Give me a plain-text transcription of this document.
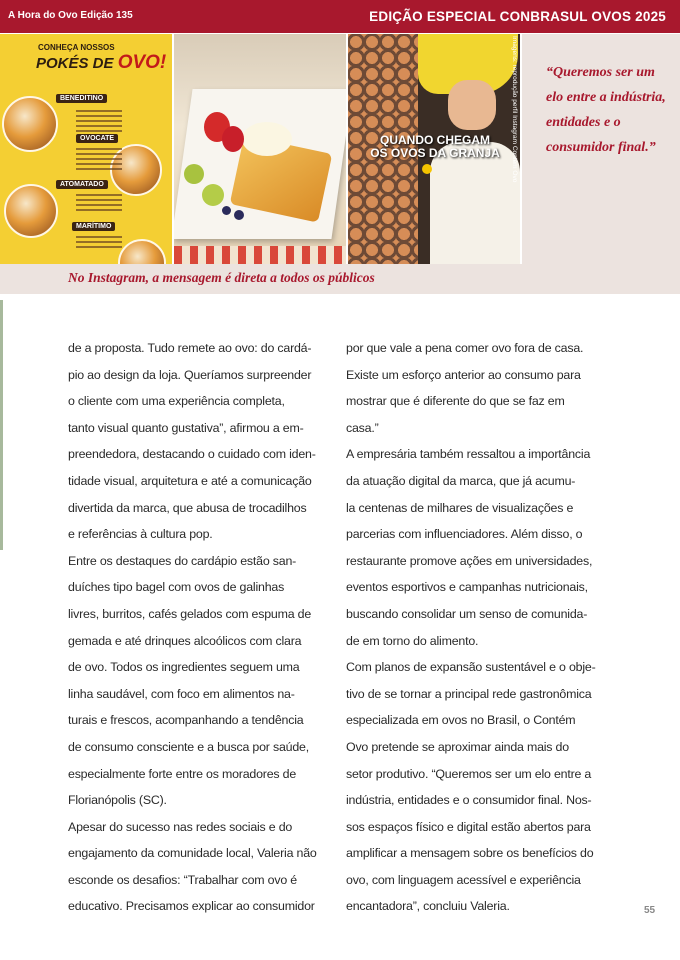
A Hora do Ovo Edição 135	EDIÇÃO ESPECIAL CONBRASUL OVOS 2025
CONHEÇA NOSSOS
POKÉS DE OVO!
BENEDITINO
OVOCATE
ATOMATADO
MARÍTIMO
QUANDO CHEGAM OS OVOS DA GRANJA Imagens: reprodução perfil Instagram Contém Ovo “Queremos ser um elo entre a indústria, entidades e o consumidor final.”

No Instagram, a mensagem é direta a todos os públicos
de a proposta. Tudo remete ao ovo: do cardá-
pio ao design da loja. Queríamos surpreender
o cliente com uma experiência completa,
tanto visual quanto gustativa”, afirmou a em-
preendedora, destacando o cuidado com iden-
tidade visual, arquitetura e até a comunicação
divertida da marca, que abusa de trocadilhos
e referências à cultura pop.
Entre os destaques do cardápio estão san-
duíches tipo bagel com ovos de galinhas
livres, burritos, cafés gelados com espuma de
gemada e até drinques alcoólicos com clara
de ovo. Todos os ingredientes seguem uma
linha saudável, com foco em alimentos na-
turais e frescos, acompanhando a tendência
de consumo consciente e a busca por saúde,
especialmente forte entre os moradores de
Florianópolis (SC).
Apesar do sucesso nas redes sociais e do
engajamento da comunidade local, Valeria não
esconde os desafios: “Trabalhar com ovo é
educativo. Precisamos explicar ao consumidor
por que vale a pena comer ovo fora de casa.
Existe um esforço anterior ao consumo para
mostrar que é diferente do que se faz em
casa.”
A empresária também ressaltou a importância
da atuação digital da marca, que já acumu-
la centenas de milhares de visualizações e
parcerias com influenciadores. Além disso, o
restaurante promove ações em universidades,
eventos esportivos e campanhas nutricionais,
buscando consolidar um senso de comunida-
de em torno do alimento.
Com planos de expansão sustentável e o obje-
tivo de se tornar a principal rede gastronômica
especializada em ovos no Brasil, o Contém
Ovo pretende se aproximar ainda mais do
setor produtivo. “Queremos ser um elo entre a
indústria, entidades e o consumidor final. Nos-
sos espaços físico e digital estão abertos para
amplificar a mensagem sobre os benefícios do
ovo, com linguagem acessível e experiência
encantadora”, concluiu Valeria.	55
